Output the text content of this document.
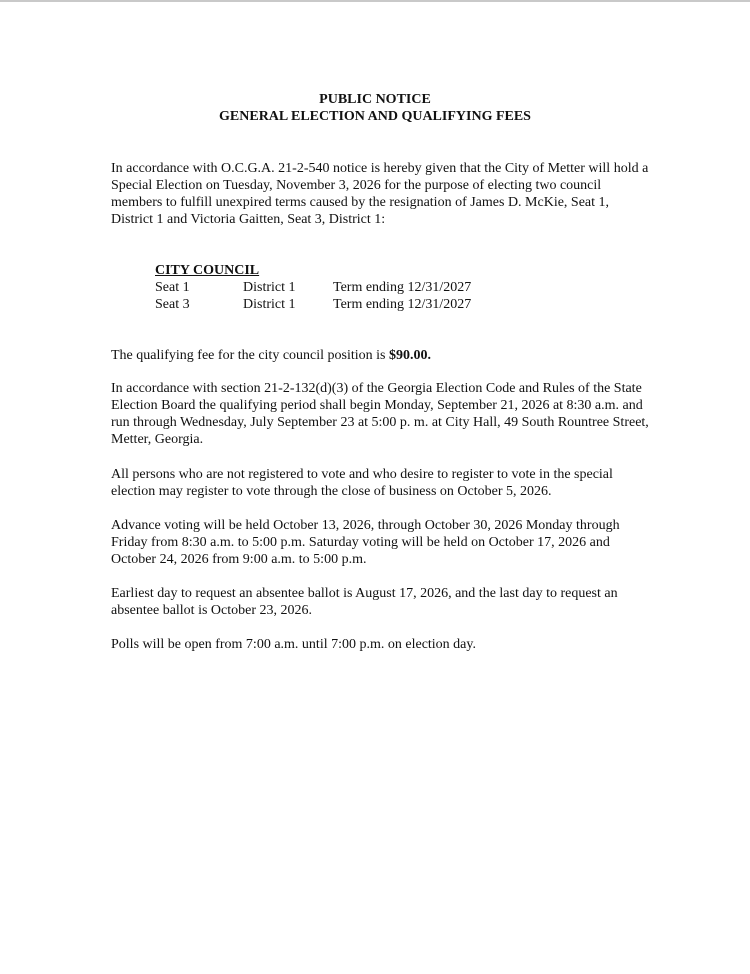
PUBLIC NOTICE
GENERAL ELECTION AND QUALIFYING FEES
In accordance with O.C.G.A. 21-2-540 notice is hereby given that the City of Metter will hold a Special Election on Tuesday, November 3, 2026 for the purpose of electing two council members to fulfill unexpired terms caused by the resignation of James D. McKie, Seat 1, District 1 and Victoria Gaitten, Seat 3, District 1:
CITY COUNCIL
Seat 1	District 1	Term ending 12/31/2027
Seat 3	District 1	Term ending 12/31/2027
The qualifying fee for the city council position is $90.00.
In accordance with section 21-2-132(d)(3) of the Georgia Election Code and Rules of the State Election Board the qualifying period shall begin Monday, September 21, 2026 at 8:30 a.m. and run through Wednesday, July September 23 at 5:00 p. m. at City Hall, 49 South Rountree Street, Metter, Georgia.
All persons who are not registered to vote and who desire to register to vote in the special election may register to vote through the close of business on October 5, 2026.
Advance voting will be held October 13, 2026, through October 30, 2026 Monday through Friday from 8:30 a.m. to 5:00 p.m. Saturday voting will be held on October 17, 2026 and October 24, 2026 from 9:00 a.m. to 5:00 p.m.
Earliest day to request an absentee ballot is August 17, 2026, and the last day to request an absentee ballot is October 23, 2026.
Polls will be open from 7:00 a.m. until 7:00 p.m. on election day.
